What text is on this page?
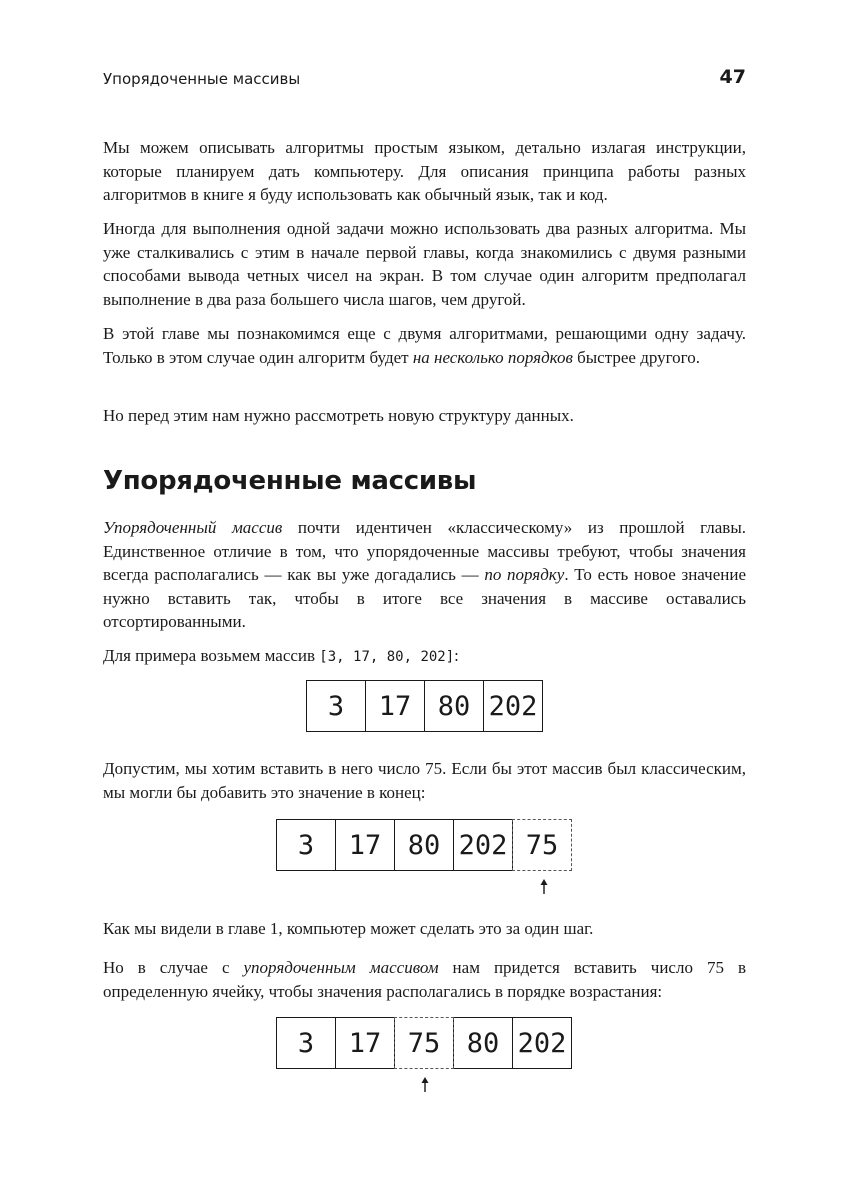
Упорядоченные массивы	47

Мы можем описывать алгоритмы простым языком, детально излагая инструкции, которые планируем дать компьютеру. Для описания принципа работы разных алгоритмов в книге я буду использовать как обычный язык, так и код.

Иногда для выполнения одной задачи можно использовать два разных алгоритма. Мы уже сталкивались с этим в начале первой главы, когда знакомились с двумя разными способами вывода четных чисел на экран. В том случае один алгоритм предполагал выполнение в два раза большего числа шагов, чем другой.

В этой главе мы познакомимся еще с двумя алгоритмами, решающими одну задачу. Только в этом случае один алгоритм будет на несколько порядков быстрее другого.

Но перед этим нам нужно рассмотреть новую структуру данных.

Упорядоченные массивы

Упорядоченный массив почти идентичен «классическому» из прошлой главы. Единственное отличие в том, что упорядоченные массивы требуют, чтобы значения всегда располагались — как вы уже догадались — по порядку. То есть новое значение нужно вставить так, чтобы в итоге все значения в массиве оставались отсортированными.

Для примера возьмем массив [3, 17, 80, 202]:

3	17 80 202

Допустим, мы хотим вставить в него число 75. Если бы этот массив был классическим, мы могли бы добавить это значение в конец:

3	17 80 202 75

Как мы видели в главе 1, компьютер может сделать это за один шаг.

Но в случае с упорядоченным массивом нам придется вставить число 75 в определенную ячейку, чтобы значения располагались в порядке возрастания:

3	17 75 80 202
